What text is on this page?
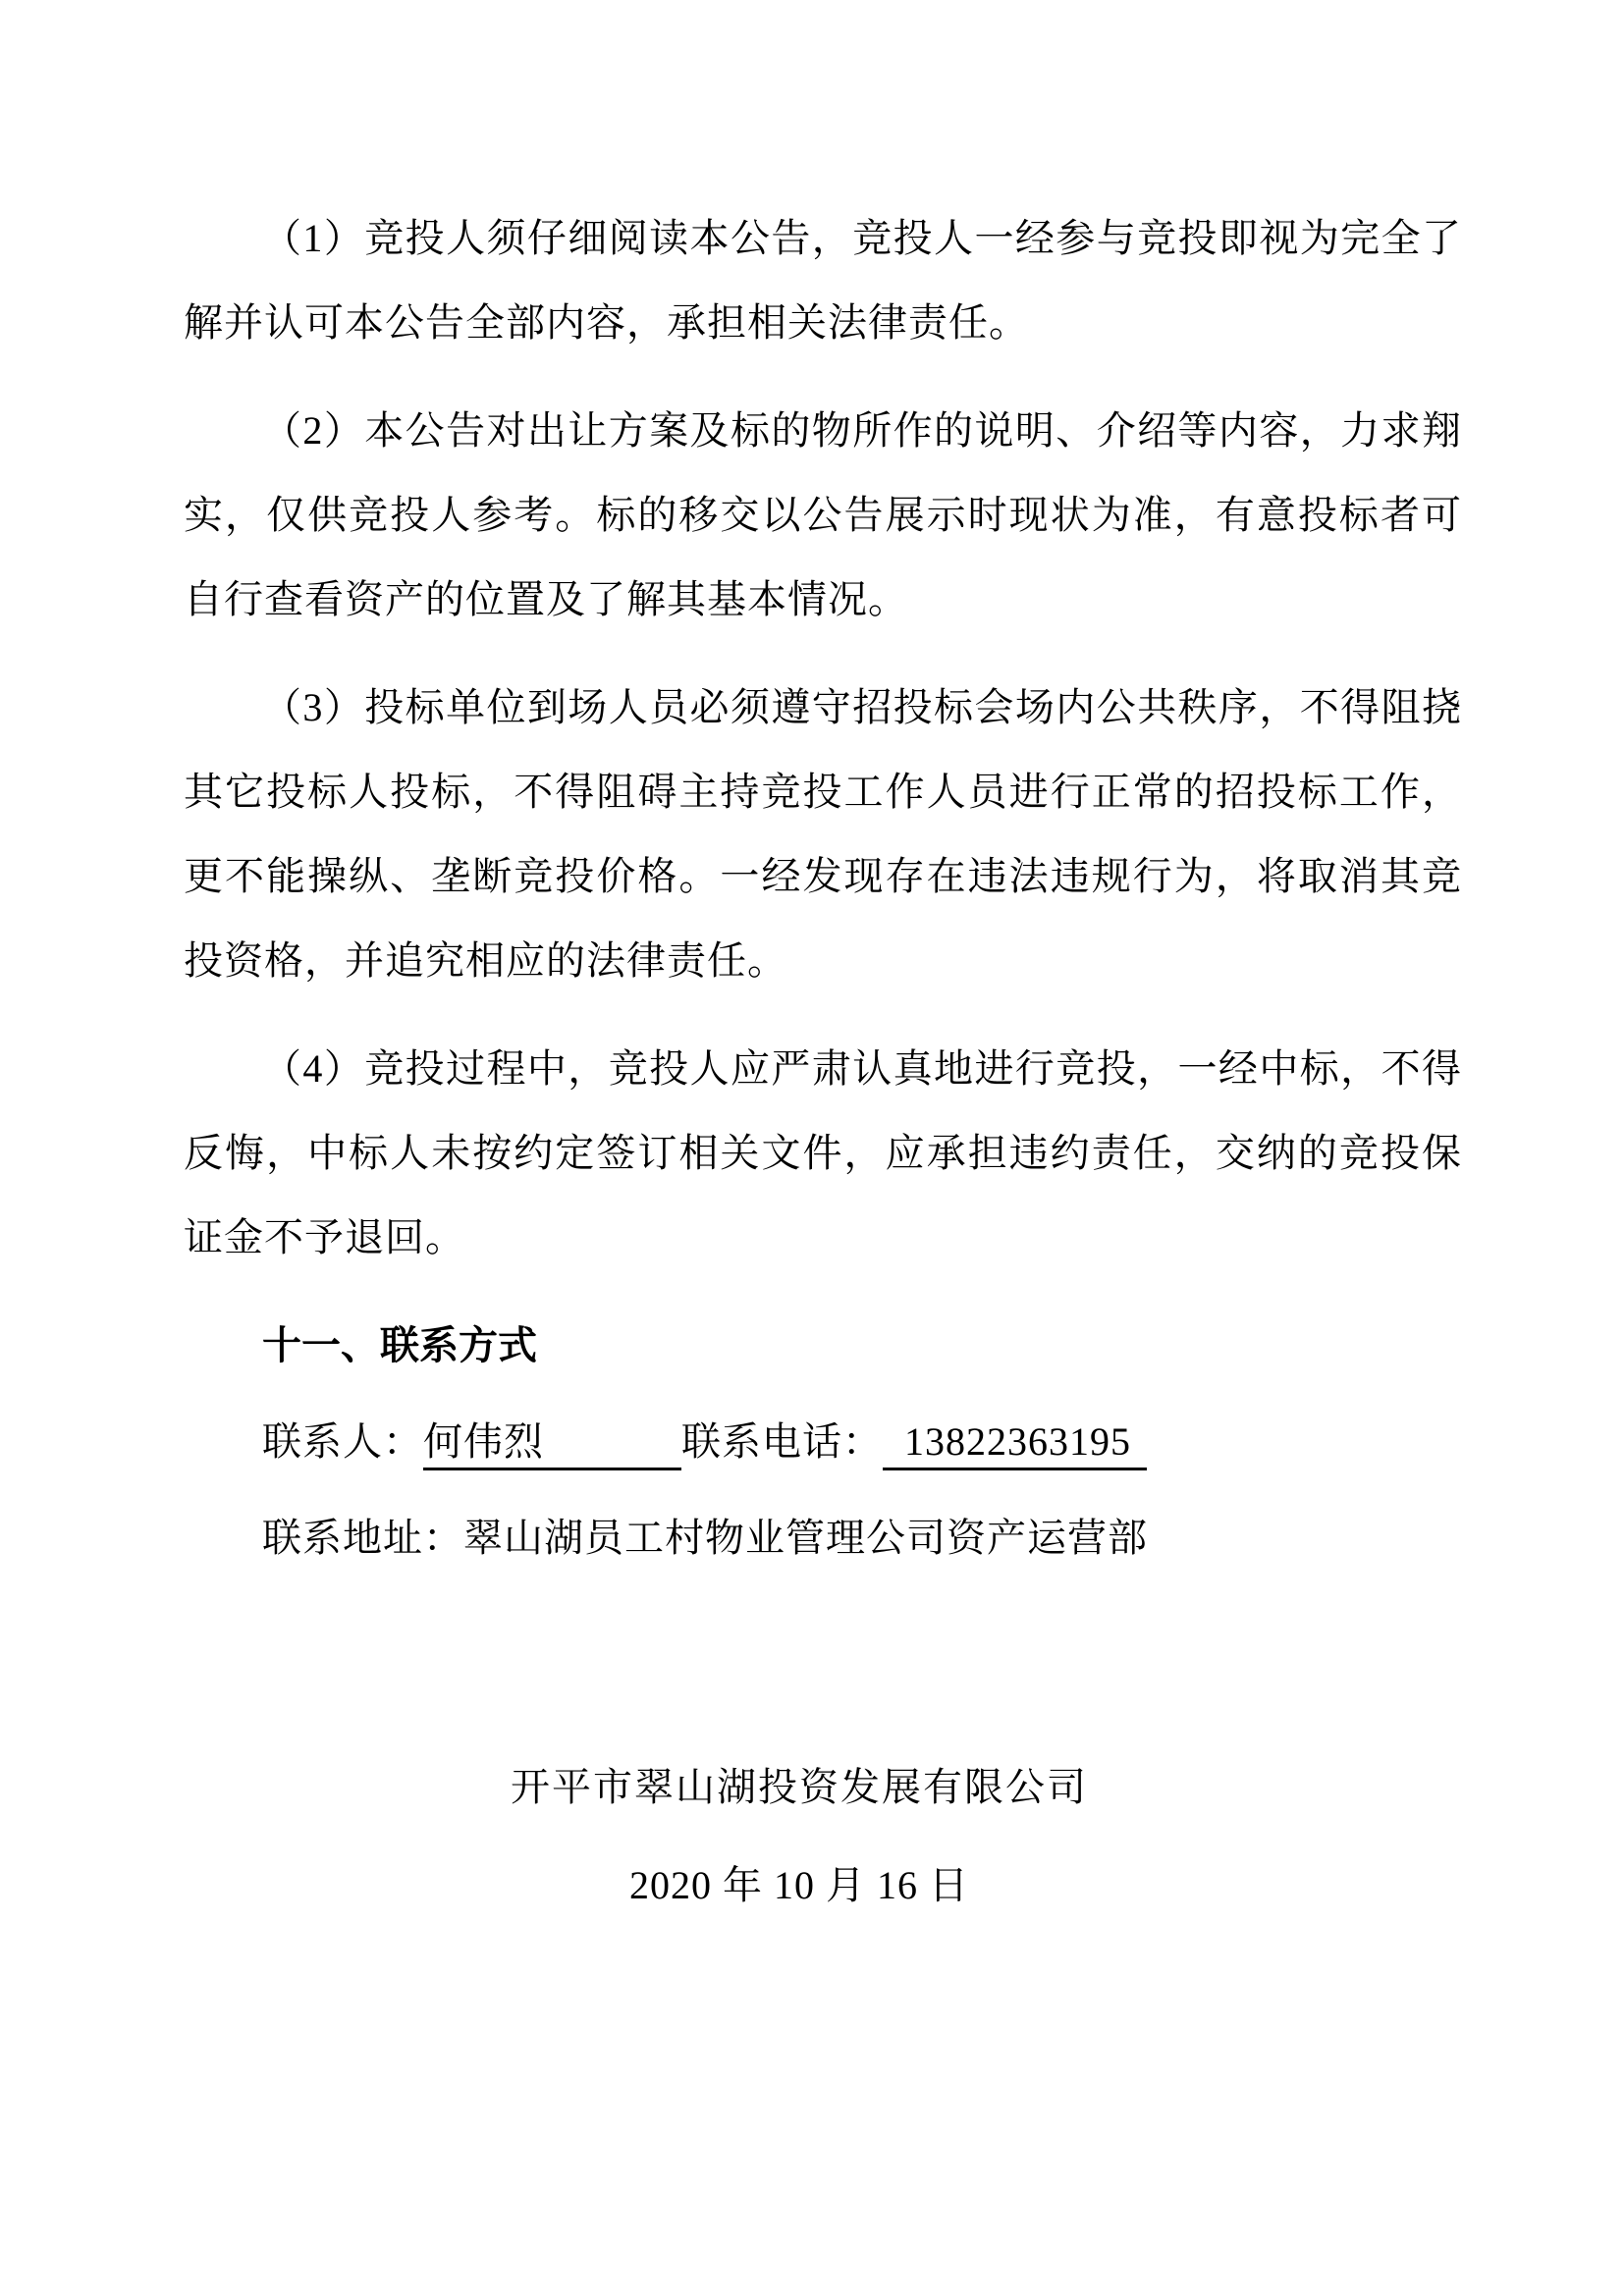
（1）竞投人须仔细阅读本公告，竞投人一经参与竞投即视为完全了解并认可本公告全部内容，承担相关法律责任。

（2）本公告对出让方案及标的物所作的说明、介绍等内容，力求翔实，仅供竞投人参考。标的移交以公告展示时现状为准，有意投标者可自行查看资产的位置及了解其基本情况。

（3）投标单位到场人员必须遵守招投标会场内公共秩序，不得阻挠其它投标人投标，不得阻碍主持竞投工作人员进行正常的招投标工作，更不能操纵、垄断竞投价格。一经发现存在违法违规行为，将取消其竞投资格，并追究相应的法律责任。

（4）竞投过程中，竞投人应严肃认真地进行竞投，一经中标，不得反悔，中标人未按约定签订相关文件，应承担违约责任，交纳的竞投保证金不予退回。

十一、联系方式

联系人：何伟烈	联系电话： 13822363195

联系地址：翠山湖员工村物业管理公司资产运营部

开平市翠山湖投资发展有限公司
2020 年 10 月 16 日
